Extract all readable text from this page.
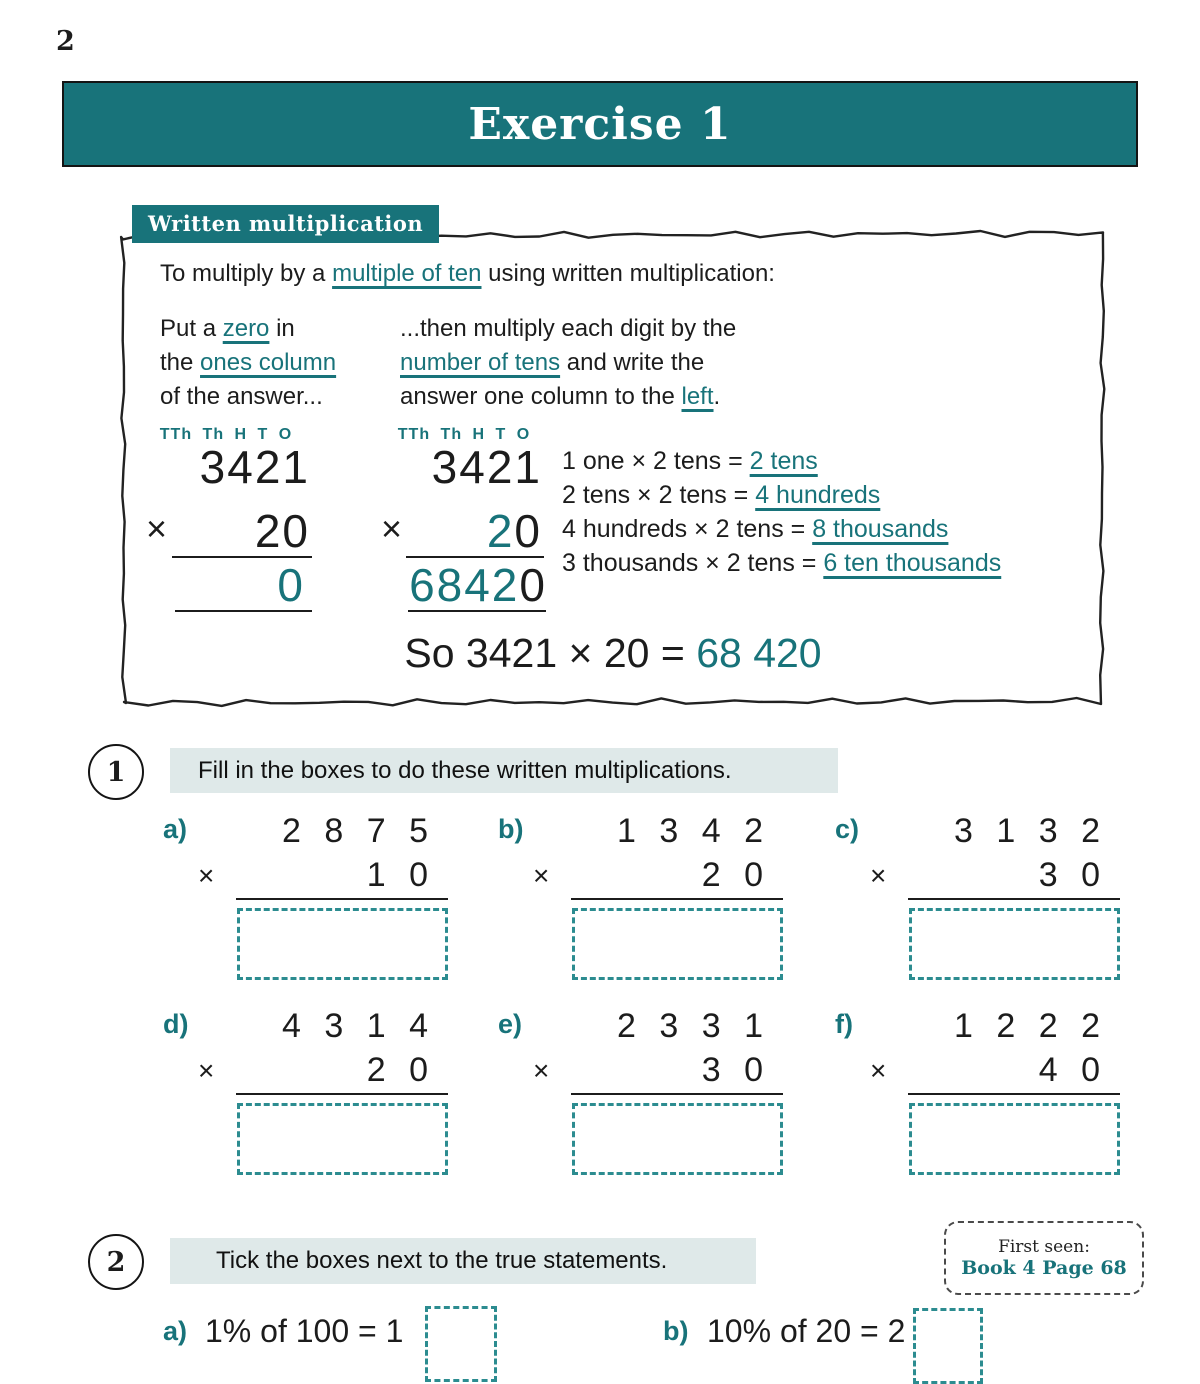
2
Exercise 1
Written multiplication
To multiply by a multiple of ten using written multiplication:
Put a zero in
the ones column
of the answer...
...then multiply each digit by the
number of tens and write the
answer one column to the left.
TTh Th H T O
3421
×	20
0
TTh Th H T O
3421
×	20
68420
1 one × 2 tens = 2 tens
2 tens × 2 tens = 4 hundreds
4 hundreds × 2 tens = 8 thousands
3 thousands × 2 tens = 6 ten thousands
So 3421 × 20 = 68 420
1	Fill in the boxes to do these written multiplications.
a)	2 8 7 5
×	1 0
b)	1 3 4 2
×	2 0
c)	3 1 3 2
×	3 0
d)	4 3 1 4
×	2 0
e)	2 3 3 1
×	3 0
f)	1 2 2 2
×	4 0
2	Tick the boxes next to the true statements.	First seen:
Book 4 Page 68
a) 1% of 100 = 1	b) 10% of 20 = 2
